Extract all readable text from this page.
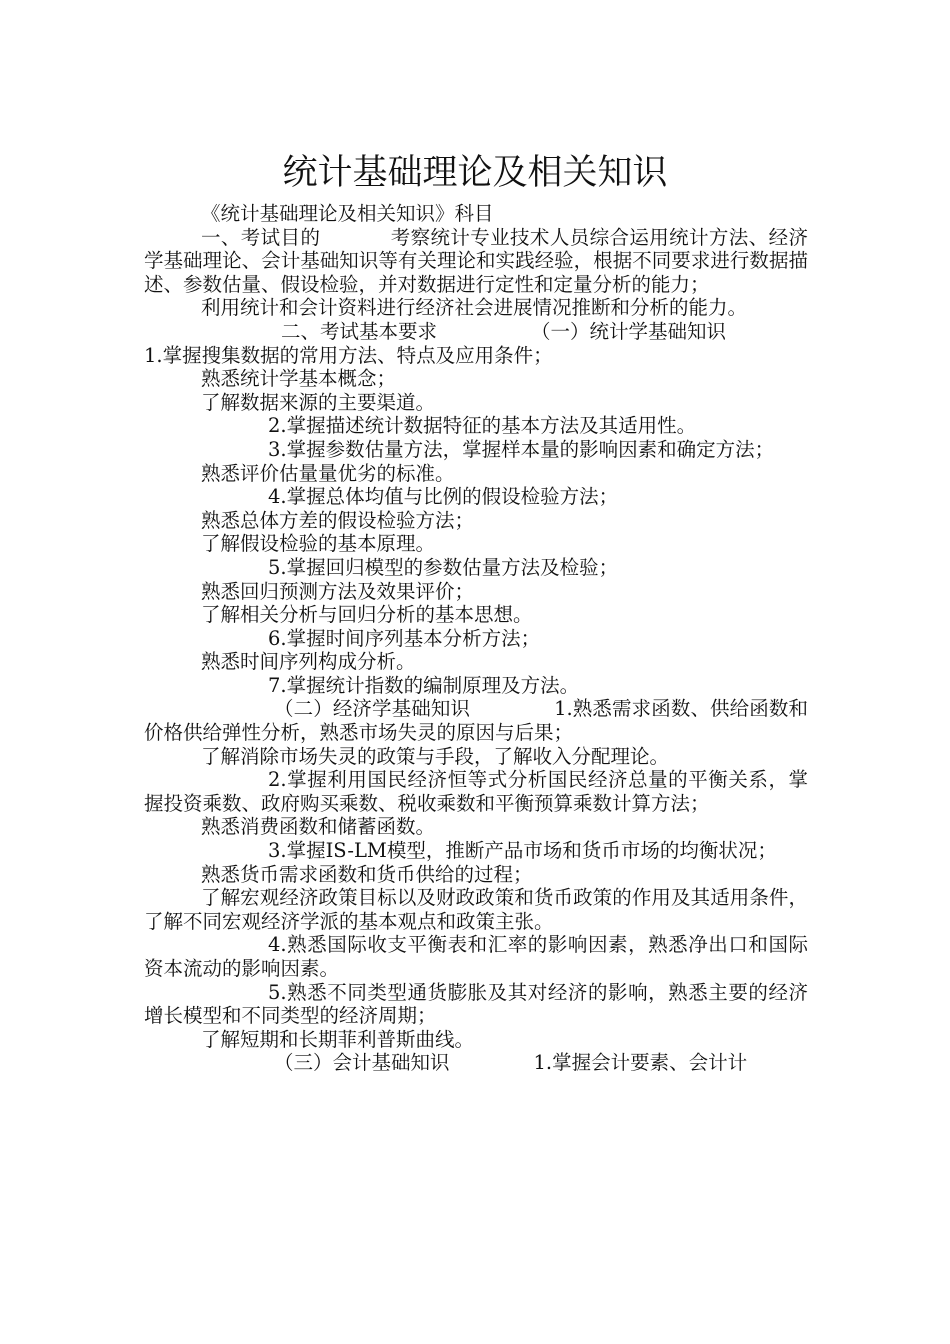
统计基础理论及相关知识

《统计基础理论及相关知识》科目

一、考试目的	考察统计专业技术人员综合运用统计方法、经济学基础理论、会计基础知识等有关理论和实践经验，根据不同要求进行数据描述、参数估量、假设检验，并对数据进行定性和定量分析的能力；

利用统计和会计资料进行经济社会进展情况推断和分析的能力。

二、考试基本要求	（一）统计学基础知识

1.掌握搜集数据的常用方法、特点及应用条件；

熟悉统计学基本概念；

了解数据来源的主要渠道。

2.掌握描述统计数据特征的基本方法及其适用性。

3.掌握参数估量方法，掌握样本量的影响因素和确定方法；

熟悉评价估量量优劣的标准。

4.掌握总体均值与比例的假设检验方法；

熟悉总体方差的假设检验方法；

了解假设检验的基本原理。

5.掌握回归模型的参数估量方法及检验；

熟悉回归预测方法及效果评价；

了解相关分析与回归分析的基本思想。

6.掌握时间序列基本分析方法；

熟悉时间序列构成分析。

7.掌握统计指数的编制原理及方法。

（二）经济学基础知识	1.熟悉需求函数、供给函数和价格供给弹性分析，熟悉市场失灵的原因与后果；

了解消除市场失灵的政策与手段，了解收入分配理论。

2.掌握利用国民经济恒等式分析国民经济总量的平衡关系，掌握投资乘数、政府购买乘数、税收乘数和平衡预算乘数计算方法；

熟悉消费函数和储蓄函数。

3.掌握IS-LM模型，推断产品市场和货币市场的均衡状况；

熟悉货币需求函数和货币供给的过程；

了解宏观经济政策目标以及财政政策和货币政策的作用及其适用条件，了解不同宏观经济学派的基本观点和政策主张。

4.熟悉国际收支平衡表和汇率的影响因素，熟悉净出口和国际资本流动的影响因素。

5.熟悉不同类型通货膨胀及其对经济的影响，熟悉主要的经济增长模型和不同类型的经济周期；

了解短期和长期菲利普斯曲线。

（三）会计基础知识	1.掌握会计要素、会计计
